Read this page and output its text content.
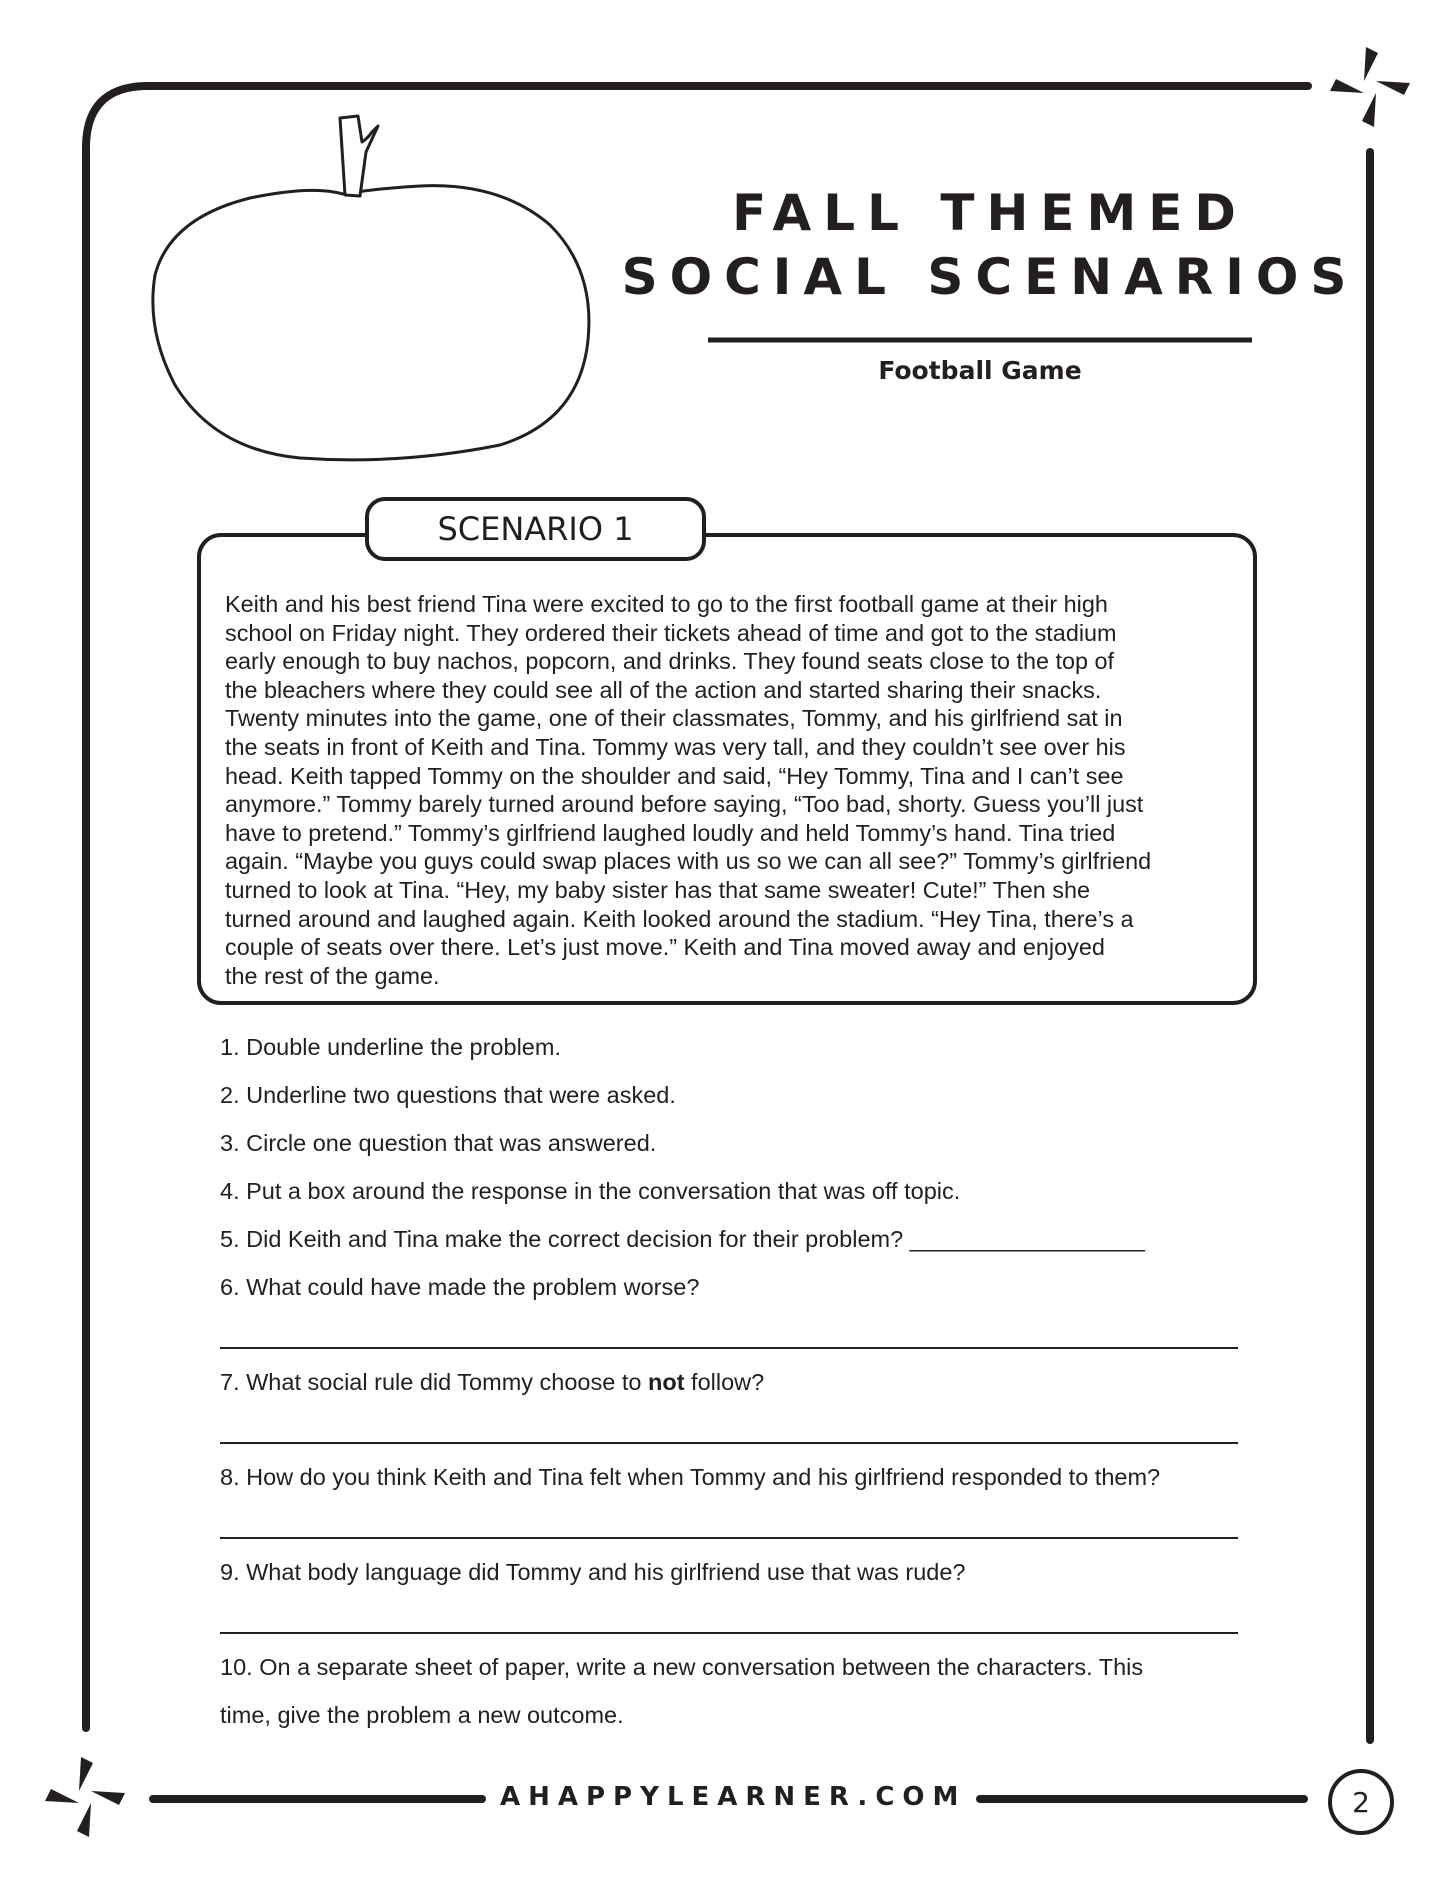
FALL THEMED
SOCIAL SCENARIOS
Football Game
SCENARIO 1

Keith and his best friend Tina were excited to go to the first football game at their high
school on Friday night. They ordered their tickets ahead of time and got to the stadium
early enough to buy nachos, popcorn, and drinks. They found seats close to the top of
the bleachers where they could see all of the action and started sharing their snacks.
Twenty minutes into the game, one of their classmates, Tommy, and his girlfriend sat in
the seats in front of Keith and Tina. Tommy was very tall, and they couldn’t see over his
head. Keith tapped Tommy on the shoulder and said, “Hey Tommy, Tina and I can’t see
anymore.” Tommy barely turned around before saying, “Too bad, shorty. Guess you’ll just
have to pretend.” Tommy’s girlfriend laughed loudly and held Tommy’s hand. Tina tried
again. “Maybe you guys could swap places with us so we can all see?” Tommy’s girlfriend
turned to look at Tina. “Hey, my baby sister has that same sweater! Cute!” Then she
turned around and laughed again. Keith looked around the stadium. “Hey Tina, there’s a
couple of seats over there. Let’s just move.” Keith and Tina moved away and enjoyed
the rest of the game.

1. Double underline the problem.
2. Underline two questions that were asked.
3. Circle one question that was answered.
4. Put a box around the response in the conversation that was off topic.
5. Did Keith and Tina make the correct decision for their problem? __________________
6. What could have made the problem worse?
7. What social rule did Tommy choose to not follow?
8. How do you think Keith and Tina felt when Tommy and his girlfriend responded to them?
9. What body language did Tommy and his girlfriend use that was rude?
10. On a separate sheet of paper, write a new conversation between the characters. This
time, give the problem a new outcome.
AHAPPYLEARNER.COM	2
